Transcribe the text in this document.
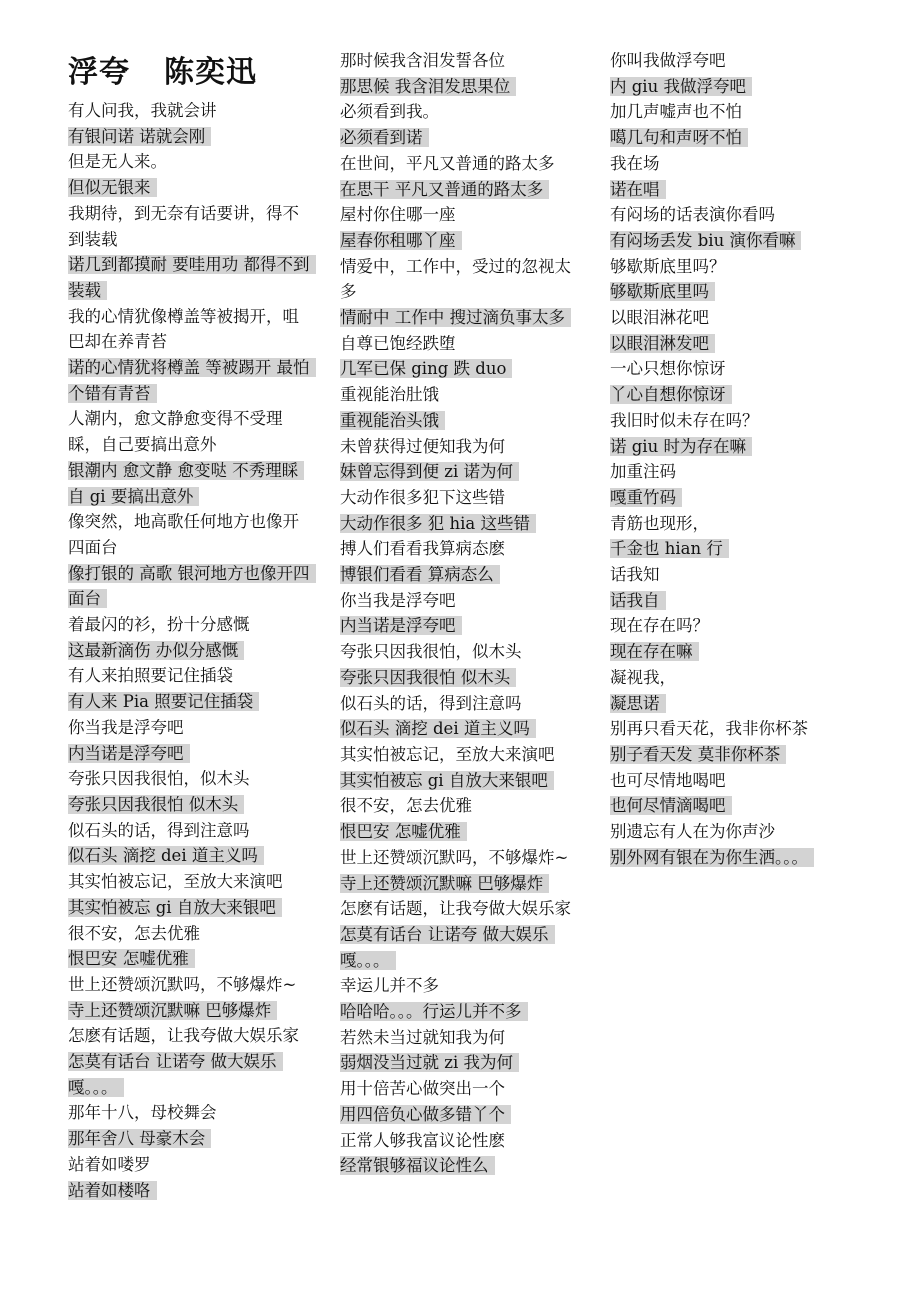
浮夸 陈奕迅
有人问我，我就会讲
有银问诺 诺就会刚
但是无人来。
但似无银来
我期待，到无奈有话要讲，得不到装载
诺几到都摸耐 要哇用功 都得不到装载
我的心情犹像樽盖等被揭开，咀巴却在养青苔
诺的心情犹将樽盖 等被踢开 最怕个错有青苔
人潮内，愈文静愈变得不受理睬，自己要搞出意外
银潮内 愈文静 愈变哒 不秀理睬 自 gi 要搞出意外
像突然，地高歌任何地方也像开四面台
像打银的 高歌 银河地方也像开四面台
着最闪的衫，扮十分感慨
这最新滴伤 办似分感慨
有人来拍照要记住插袋
有人来 Pia 照要记住插袋
你当我是浮夸吧
内当诺是浮夸吧
夸张只因我很怕，似木头
夸张只因我很怕 似木头
似石头的话，得到注意吗
似石头 滴挖 dei 道主义吗
其实怕被忘记，至放大来演吧
其实怕被忘 gi 自放大来银吧
很不安，怎去优雅
恨巴安 怎嘘优雅
世上还赞颂沉默吗，不够爆炸~
寺上还赞颂沉默嘛 巴够爆炸
怎麽有话题，让我夸做大娱乐家
怎莫有话台 让诺夸 做大娱乐嘎。。。
那年十八，母校舞会
那年舍八 母豪木会
站着如喽罗
站着如楼咯
那时候我含泪发誓各位
那思候 我含泪发思果位
必须看到我。
必须看到诺
在世间，平凡又普通的路太多
在思干 平凡又普通的路太多
屋村你住哪一座
屋春你租哪丫座
情爱中，工作中，受过的忽视太多
情耐中 工作中 搜过滴负事太多
自尊已饱经跌堕
几军已保 ging 跌 duo
重视能治肚饿
重视能治头饿
未曾获得过便知我为何
妹曾忘得到便 zi 诺为何
大动作很多犯下这些错
大动作很多 犯 hia 这些错
搏人们看看我算病态麽
博银们看看 算病态么
你当我是浮夸吧
内当诺是浮夸吧
夸张只因我很怕，似木头
夸张只因我很怕 似木头
似石头的话，得到注意吗
似石头 滴挖 dei 道主义吗
其实怕被忘记，至放大来演吧
其实怕被忘 gi 自放大来银吧
很不安，怎去优雅
恨巴安 怎嘘优雅
世上还赞颂沉默吗，不够爆炸~
寺上还赞颂沉默嘛 巴够爆炸
怎麽有话题，让我夸做大娱乐家
怎莫有话台 让诺夸 做大娱乐嘎。。。
幸运儿并不多
哈哈哈。。。行运儿并不多
若然未当过就知我为何
弱烟没当过就 zi 我为何
用十倍苦心做突出一个
用四倍负心做多错丫个
正常人够我富议论性麽
经常银够福议论性么
你叫我做浮夸吧
内 giu 我做浮夸吧
加几声嘘声也不怕
噶几句和声呀不怕
我在场
诺在唱
有闷场的话表演你看吗
有闷场丢发 biu 演你看嘛
够歇斯底里吗？
够歇斯底里吗
以眼泪淋花吧
以眼泪淋发吧
一心只想你惊讶
丫心自想你惊讶
我旧时似未存在吗？
诺 giu 时为存在嘛
加重注码
嘎重竹码
青筋也现形，
千金也 hian 行
话我知
话我自
现在存在吗？
现在存在嘛
凝视我，
凝思诺
别再只看天花，我非你杯茶
别子看天发 莫非你杯茶
也可尽情地喝吧
也何尽情滴喝吧
别遗忘有人在为你声沙
别外网有银在为你生洒。。。
